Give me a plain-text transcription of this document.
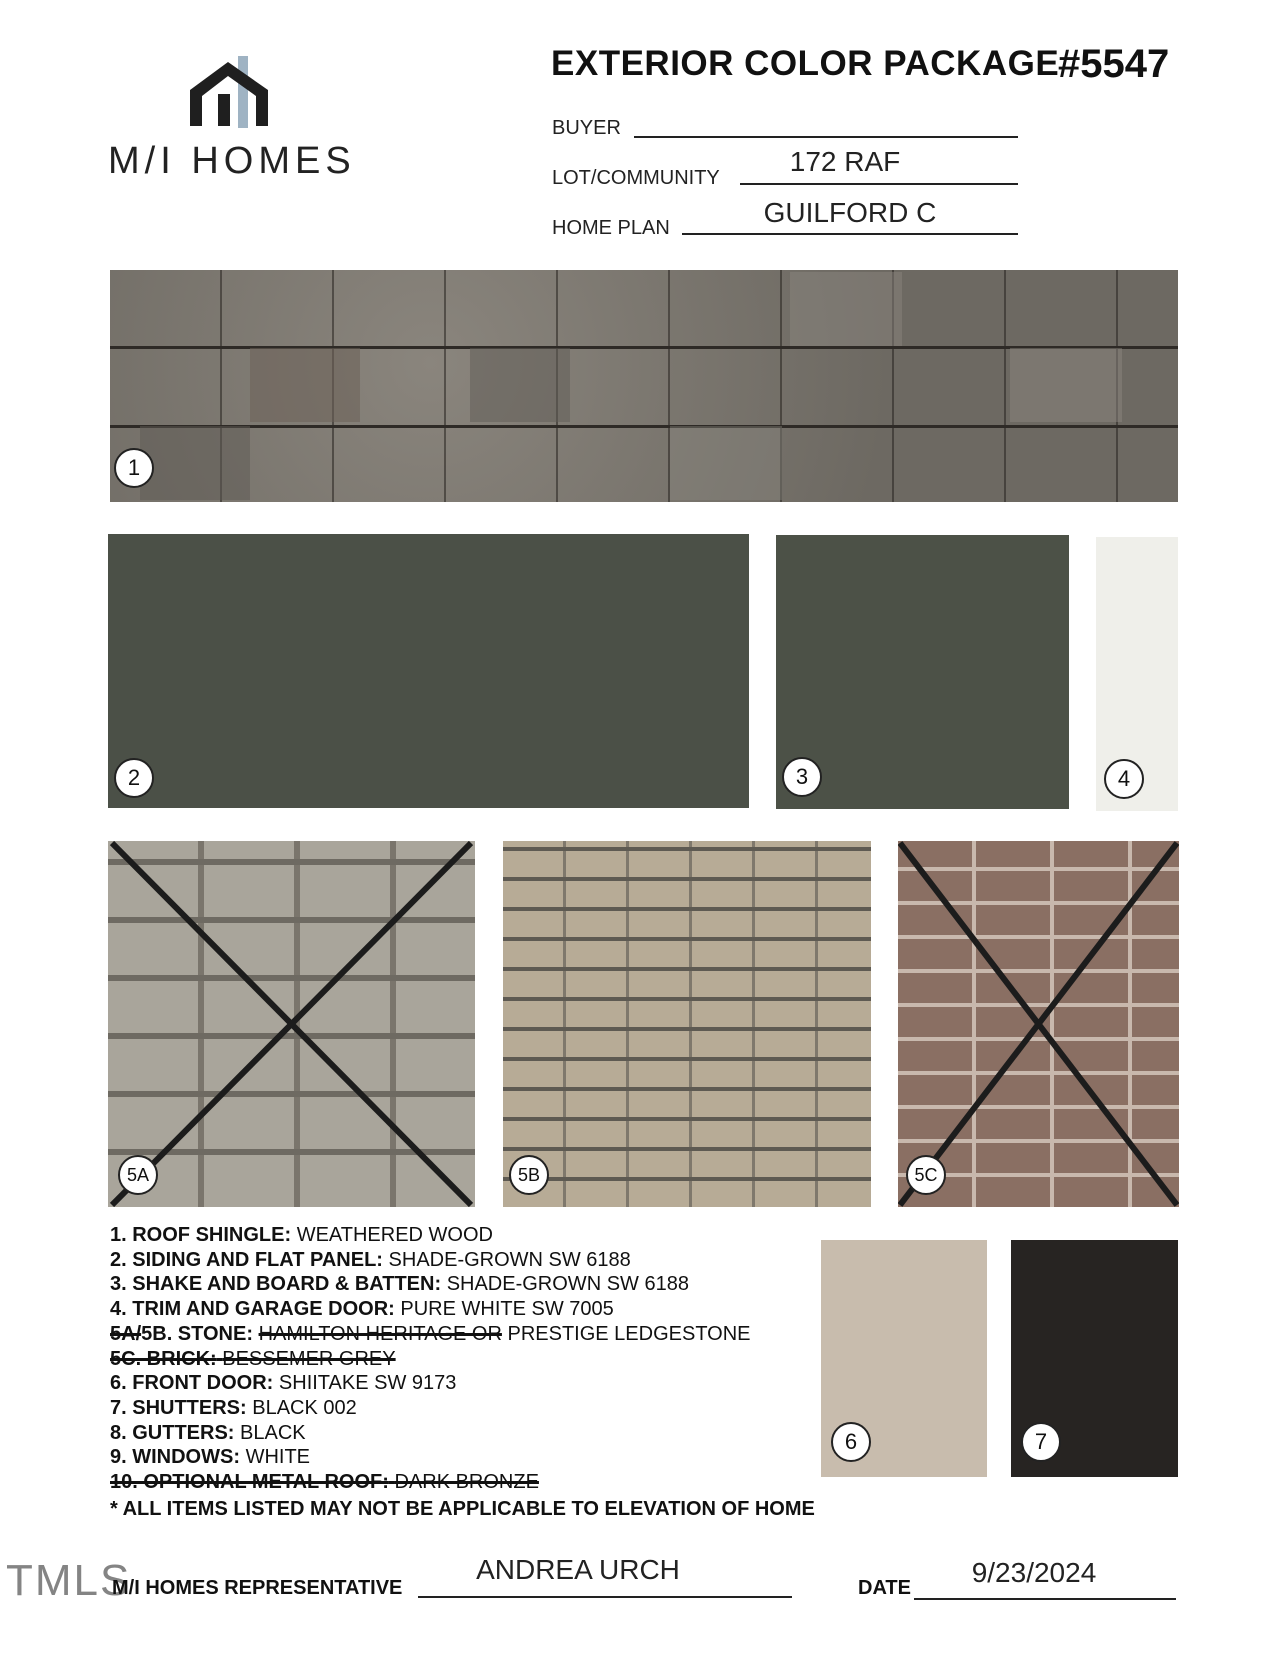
M/I HOMES
EXTERIOR COLOR PACKAGE
#5547
BUYER
LOT/COMMUNITY
172 RAF
HOME PLAN	GUILFORD C
1
2	3	4
5A	5B	5C
1. ROOF SHINGLE: WEATHERED WOOD
2. SIDING AND FLAT PANEL: SHADE-GROWN SW 6188
3. SHAKE AND BOARD & BATTEN: SHADE-GROWN SW 6188
4. TRIM AND GARAGE DOOR: PURE WHITE SW 7005
5A/5B. STONE: HAMILTON HERITAGE OR PRESTIGE LEDGESTONE
5C. BRICK: BESSEMER GREY
6. FRONT DOOR: SHIITAKE SW 9173
7. SHUTTERS: BLACK 002
8. GUTTERS: BLACK
9. WINDOWS: WHITE
10. OPTIONAL METAL ROOF: DARK BRONZE
* ALL ITEMS LISTED MAY NOT BE APPLICABLE TO ELEVATION OF HOME
6	7
TMLS
M/I HOMES REPRESENTATIVE
ANDREA URCH
DATE	9/23/2024
